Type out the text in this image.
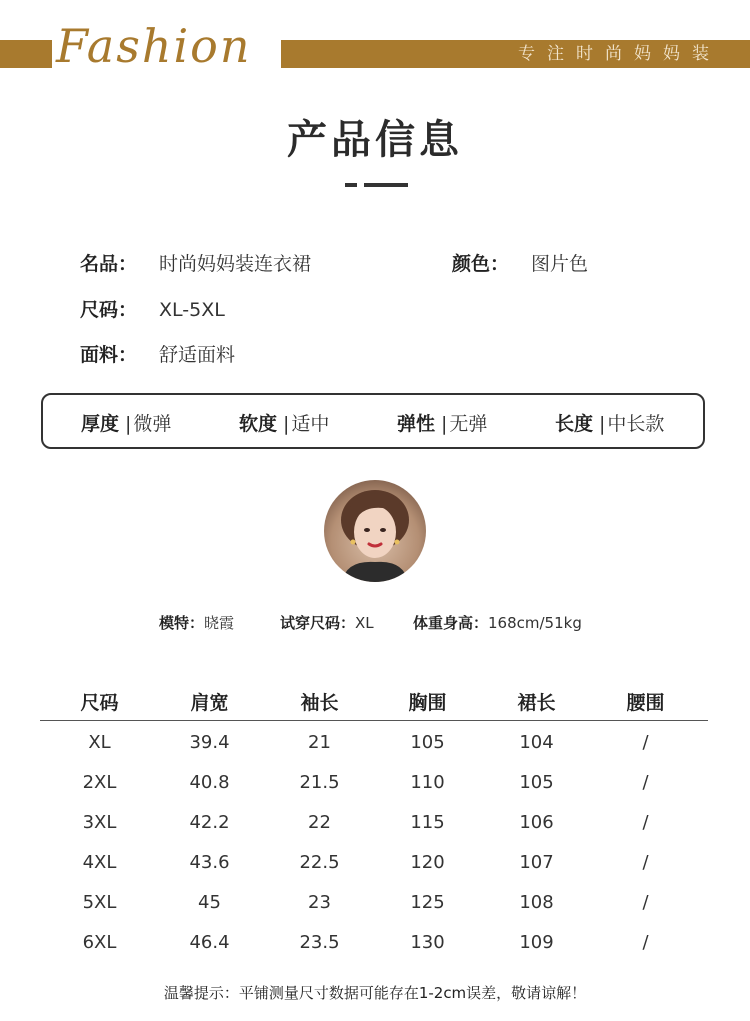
Fashion	专注时尚妈妈装
产品信息
名品： 时尚妈妈装连衣裙	颜色： 图片色
尺码： XL-5XL
面料： 舒适面料
厚度 | 微弹	软度 | 适中	弹性 | 无弹	长度 | 中长款
模特：晓霞	试穿尺码：XL	体重身高：168cm/51kg
尺码	肩宽	袖长	胸围	裙长	腰围
XL	39.4	21	105	104	/
2XL	40.8	21.5	110	105	/
3XL	42.2	22	115	106	/
4XL	43.6	22.5	120	107	/
5XL	45	23	125	108	/
6XL	46.4	23.5	130	109	/
温馨提示：平铺测量尺寸数据可能存在1-2cm误差，敬请谅解！
